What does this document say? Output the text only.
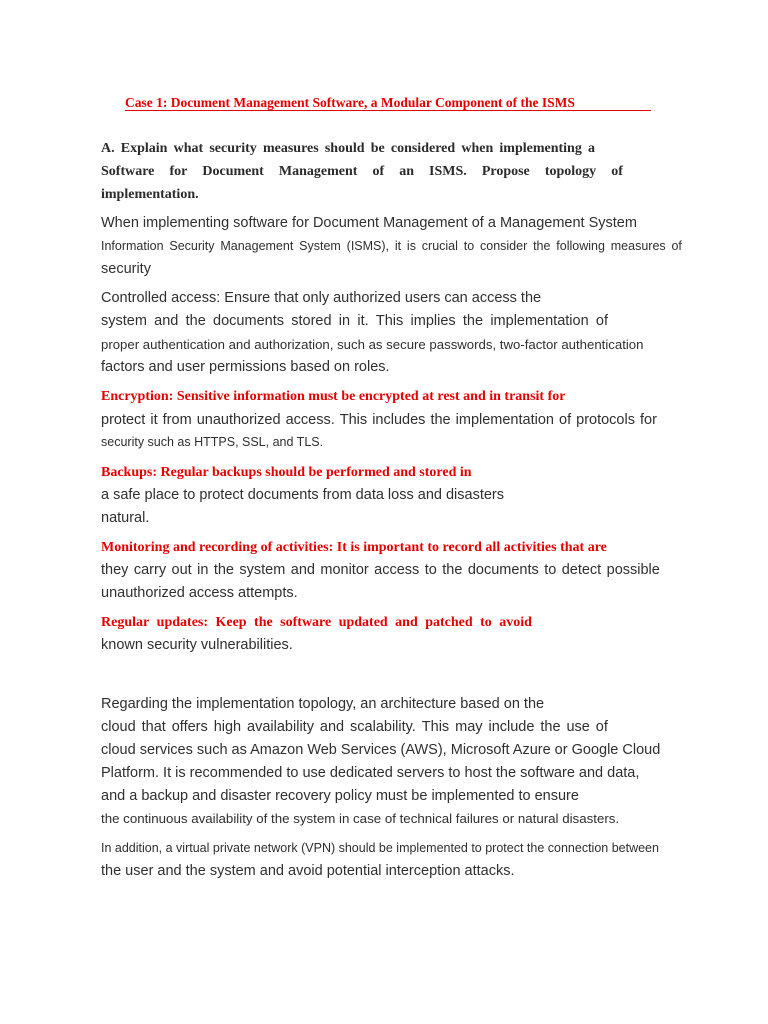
Case 1: Document Management Software, a Modular Component of the ISMS
A. Explain what security measures should be considered when implementing a
Software for Document Management of an ISMS. Propose topology of
implementation.
When implementing software for Document Management of a Management System
Information Security Management System (ISMS), it is crucial to consider the following measures of
security
Controlled access: Ensure that only authorized users can access the
system and the documents stored in it. This implies the implementation of
proper authentication and authorization, such as secure passwords, two-factor authentication
factors and user permissions based on roles.
Encryption: Sensitive information must be encrypted at rest and in transit for
protect it from unauthorized access. This includes the implementation of protocols for
security such as HTTPS, SSL, and TLS.
Backups: Regular backups should be performed and stored in
a safe place to protect documents from data loss and disasters
natural.
Monitoring and recording of activities: It is important to record all activities that are
they carry out in the system and monitor access to the documents to detect possible
unauthorized access attempts.
Regular updates: Keep the software updated and patched to avoid
known security vulnerabilities.
Regarding the implementation topology, an architecture based on the
cloud that offers high availability and scalability. This may include the use of
cloud services such as Amazon Web Services (AWS), Microsoft Azure or Google Cloud
Platform. It is recommended to use dedicated servers to host the software and data,
and a backup and disaster recovery policy must be implemented to ensure
the continuous availability of the system in case of technical failures or natural disasters.
In addition, a virtual private network (VPN) should be implemented to protect the connection between
the user and the system and avoid potential interception attacks.
